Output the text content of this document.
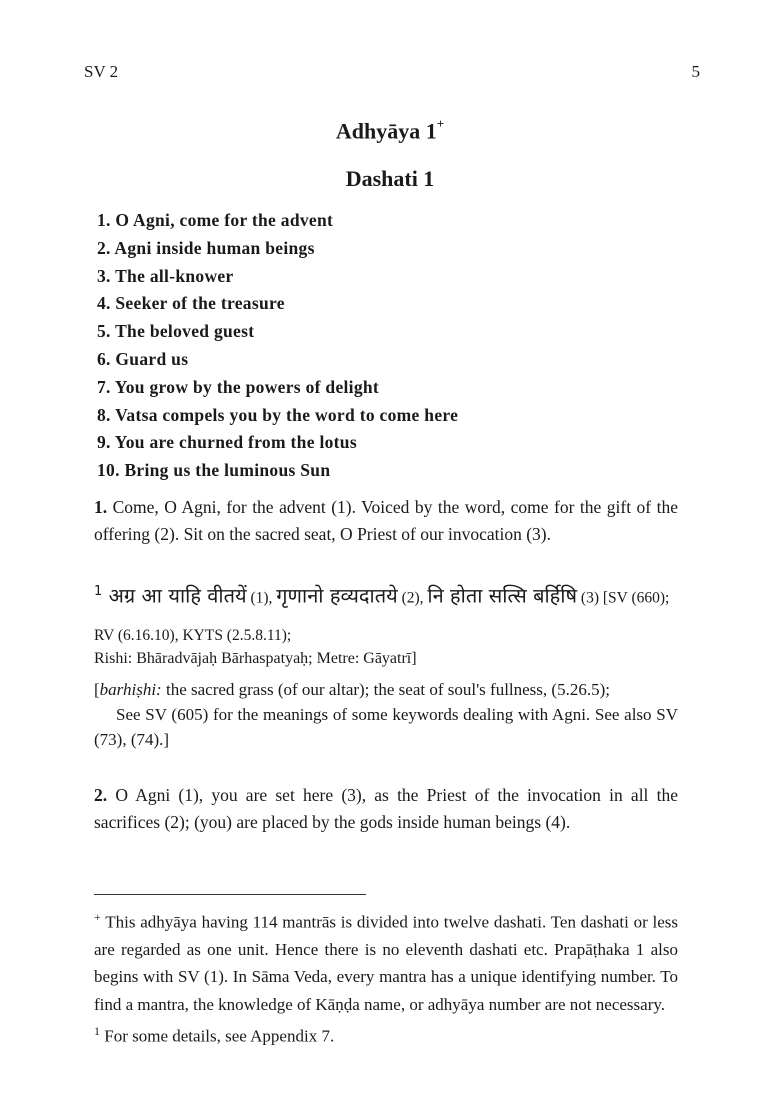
SV 2	5
Adhyāya 1+
Dashati 1
1. O Agni, come for the advent
2. Agni inside human beings
3. The all-knower
4. Seeker of the treasure
5. The beloved guest
6. Guard us
7. You grow by the powers of delight
8. Vatsa compels you by the word to come here
9. You are churned from the lotus
10. Bring us the luminous Sun
1. Come, O Agni, for the advent (1). Voiced by the word, come for the gift of the offering (2). Sit on the sacred seat, O Priest of our invocation (3).
$^1$ अग्र आ याहि वीतयें (1), गृणानो हव्यदातये (2), नि होता सत्सि बर्हिषि (3) [SV (660); RV (6.16.10), KYTS (2.5.8.11);
Rishi: Bhāradvājaḥ Bārhaspatyaḥ; Metre: Gāyatrī]
[barhiṣhi: the sacred grass (of our altar); the seat of soul's fullness, (5.26.5);
See SV (605) for the meanings of some keywords dealing with Agni. See also SV (73), (74).]
2. O Agni (1), you are set here (3), as the Priest of the invocation in all the sacrifices (2); (you) are placed by the gods inside human beings (4).
+ This adhyāya having 114 mantrās is divided into twelve dashati. Ten dashati or less are regarded as one unit. Hence there is no eleventh dashati etc. Prapāṭhaka 1 also begins with SV (1). In Sāma Veda, every mantra has a unique identifying number. To find a mantra, the knowledge of Kāṇḍa name, or adhyāya number are not necessary.
$^1$ For some details, see Appendix 7.
